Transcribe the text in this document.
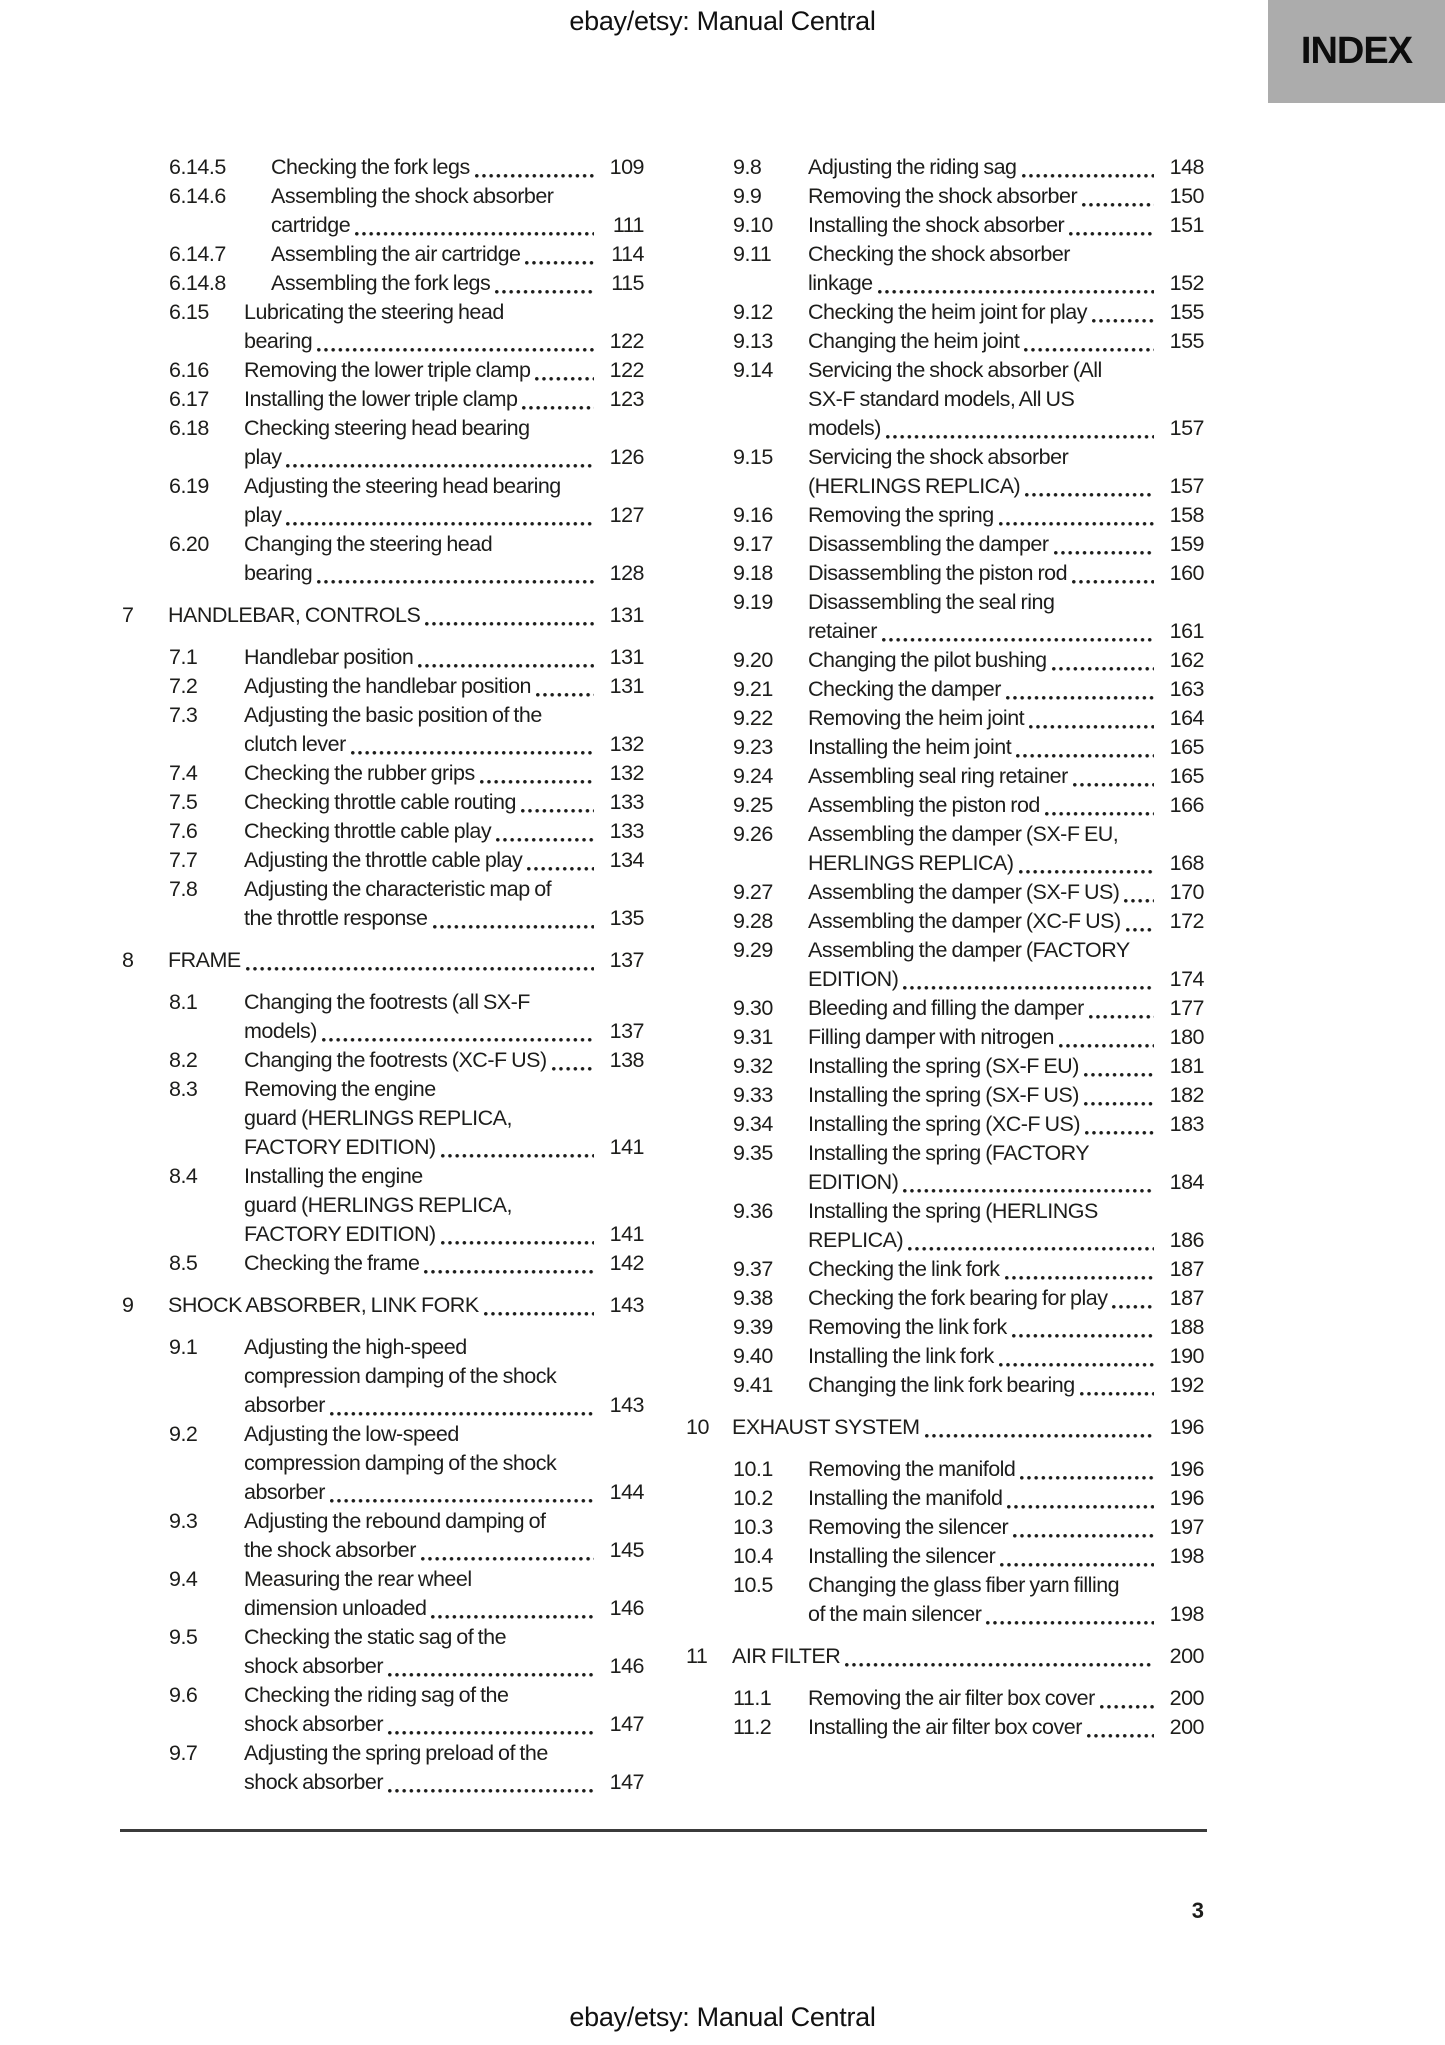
ebay/etsy: Manual Central
INDEX
6.14.5	Checking the fork legs	109
6.14.6	Assembling the shock absorber
cartridge	111
6.14.7	Assembling the air cartridge	114
6.14.8	Assembling the fork legs	115
6.15	Lubricating the steering head
bearing	122
6.16	Removing the lower triple clamp	122
6.17	Installing the lower triple clamp	123
6.18	Checking steering head bearing
play	126
6.19	Adjusting the steering head bearing
play	127
6.20	Changing the steering head
bearing	128
7	HANDLEBAR, CONTROLS	131
7.1	Handlebar position	131
7.2	Adjusting the handlebar position	131
7.3	Adjusting the basic position of the
clutch lever	132
7.4	Checking the rubber grips	132
7.5	Checking throttle cable routing	133
7.6	Checking throttle cable play	133
7.7	Adjusting the throttle cable play	134
7.8	Adjusting the characteristic map of
the throttle response	135
8	FRAME	137
8.1	Changing the footrests (all SX-F
models)	137
8.2	Changing the footrests (XC-F US)	138
8.3	Removing the engine
guard (HERLINGS REPLICA,
FACTORY EDITION)	141
8.4	Installing the engine
guard (HERLINGS REPLICA,
FACTORY EDITION)	141
8.5	Checking the frame	142
9	SHOCK ABSORBER, LINK FORK	143
9.1	Adjusting the high-speed
compression damping of the shock
absorber	143
9.2	Adjusting the low-speed
compression damping of the shock
absorber	144
9.3	Adjusting the rebound damping of
the shock absorber	145
9.4	Measuring the rear wheel
dimension unloaded	146
9.5	Checking the static sag of the
shock absorber	146
9.6	Checking the riding sag of the
shock absorber	147
9.7	Adjusting the spring preload of the
shock absorber	147
9.8	Adjusting the riding sag	148
9.9	Removing the shock absorber	150
9.10	Installing the shock absorber	151
9.11	Checking the shock absorber
linkage	152
9.12	Checking the heim joint for play	155
9.13	Changing the heim joint	155
9.14	Servicing the shock absorber (All
SX-F standard models, All US
models)	157
9.15	Servicing the shock absorber
(HERLINGS REPLICA)	157
9.16	Removing the spring	158
9.17	Disassembling the damper	159
9.18	Disassembling the piston rod	160
9.19	Disassembling the seal ring
retainer	161
9.20	Changing the pilot bushing	162
9.21	Checking the damper	163
9.22	Removing the heim joint	164
9.23	Installing the heim joint	165
9.24	Assembling seal ring retainer	165
9.25	Assembling the piston rod	166
9.26	Assembling the damper (SX-F EU,
HERLINGS REPLICA)	168
9.27	Assembling the damper (SX-F US)	170
9.28	Assembling the damper (XC-F US)	172
9.29	Assembling the damper (FACTORY
EDITION)	174
9.30	Bleeding and filling the damper	177
9.31	Filling damper with nitrogen	180
9.32	Installing the spring (SX-F EU)	181
9.33	Installing the spring (SX-F US)	182
9.34	Installing the spring (XC-F US)	183
9.35	Installing the spring (FACTORY
EDITION)	184
9.36	Installing the spring (HERLINGS
REPLICA)	186
9.37	Checking the link fork	187
9.38	Checking the fork bearing for play	187
9.39	Removing the link fork	188
9.40	Installing the link fork	190
9.41	Changing the link fork bearing	192
10	EXHAUST SYSTEM	196
10.1	Removing the manifold	196
10.2	Installing the manifold	196
10.3	Removing the silencer	197
10.4	Installing the silencer	198
10.5	Changing the glass fiber yarn filling
of the main silencer	198
11	AIR FILTER	200
11.1	Removing the air filter box cover	200
11.2	Installing the air filter box cover	200
3
ebay/etsy: Manual Central
